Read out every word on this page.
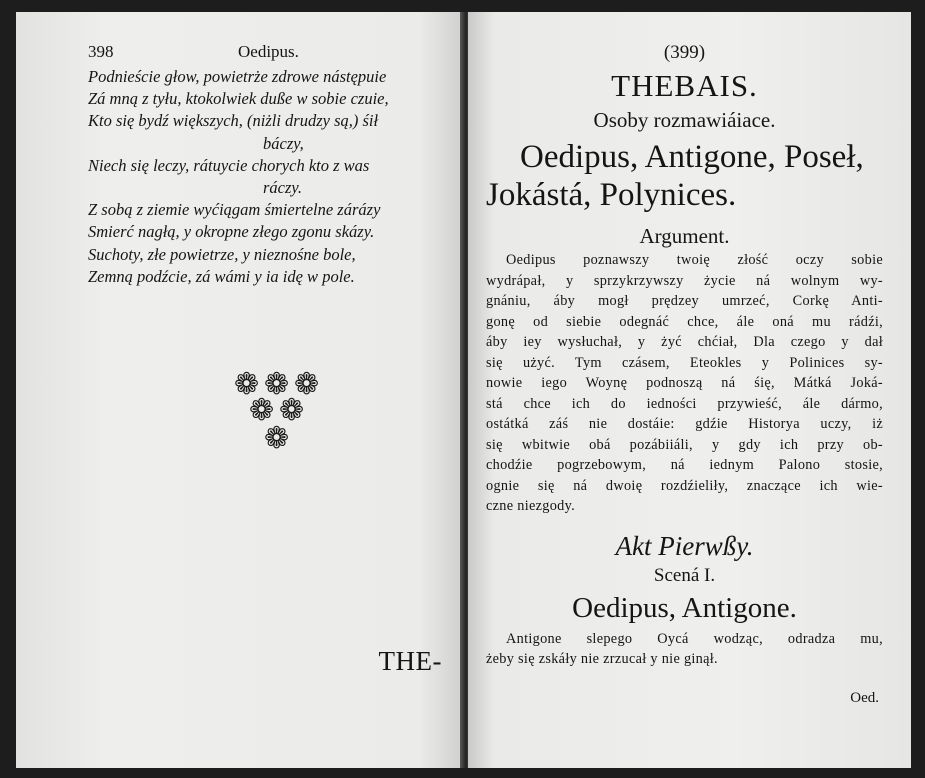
398	Oedipus.
Podnieście głow, powietrże zdrowe nástępuie
Zá mną z tyłu, ktokolwiek duße w sobie czuie,
Kto się bydź większych, (niżli drudzy są,) śił
báczy,
Niech się leczy, rátuycie chorych kto z was
ráczy.
Z sobą z ziemie wyćiągam śmiertelne zárázy
Smierć nagłą, y okropne złego zgonu skázy.
Suchoty, złe powietrze, y nieznośne bole,
Zemną podźcie, zá wámi y ia idę w pole.
❁ ❁ ❁
❁ ❁
❁
THE-
(399)
THEBAIS.
Osoby rozmawiáiace.
Oedipus, Antigone, Poseł,
Jokástá, Polynices.
Argument.
Oedipus poznawszy twoię złość oczy sobie
wydrápał, y sprzykrzywszy życie ná wolnym wy-
gnániu, áby mogł prędzey umrzeć, Corkę Anti-
gonę od siebie odegnáć chce, ále oná mu rádźi,
áby iey wysłuchał, y żyć chćiał, Dla czego y dał
się użyć. Tym czásem, Eteokles y Polinices sy-
nowie iego Woynę podnoszą ná śię, Mátká Joká-
stá chce ich do iedności przywieść, ále dármo,
ostátká záś nie dostáie: gdźie Historya uczy, iż
się wbitwie obá pozábiiáli, y gdy ich przy ob-
chodźie pogrzebowym, ná iednym Palono stosie,
ognie się ná dwoię rozdźieliły, znaczące ich wie-
czne niezgody.
Akt Pierwßy.
Scená I.
Oedipus, Antigone.
Antigone slepego Oycá wodząc, odradza mu,
żeby się zskáły nie zrzucał y nie ginął.
Oed.
